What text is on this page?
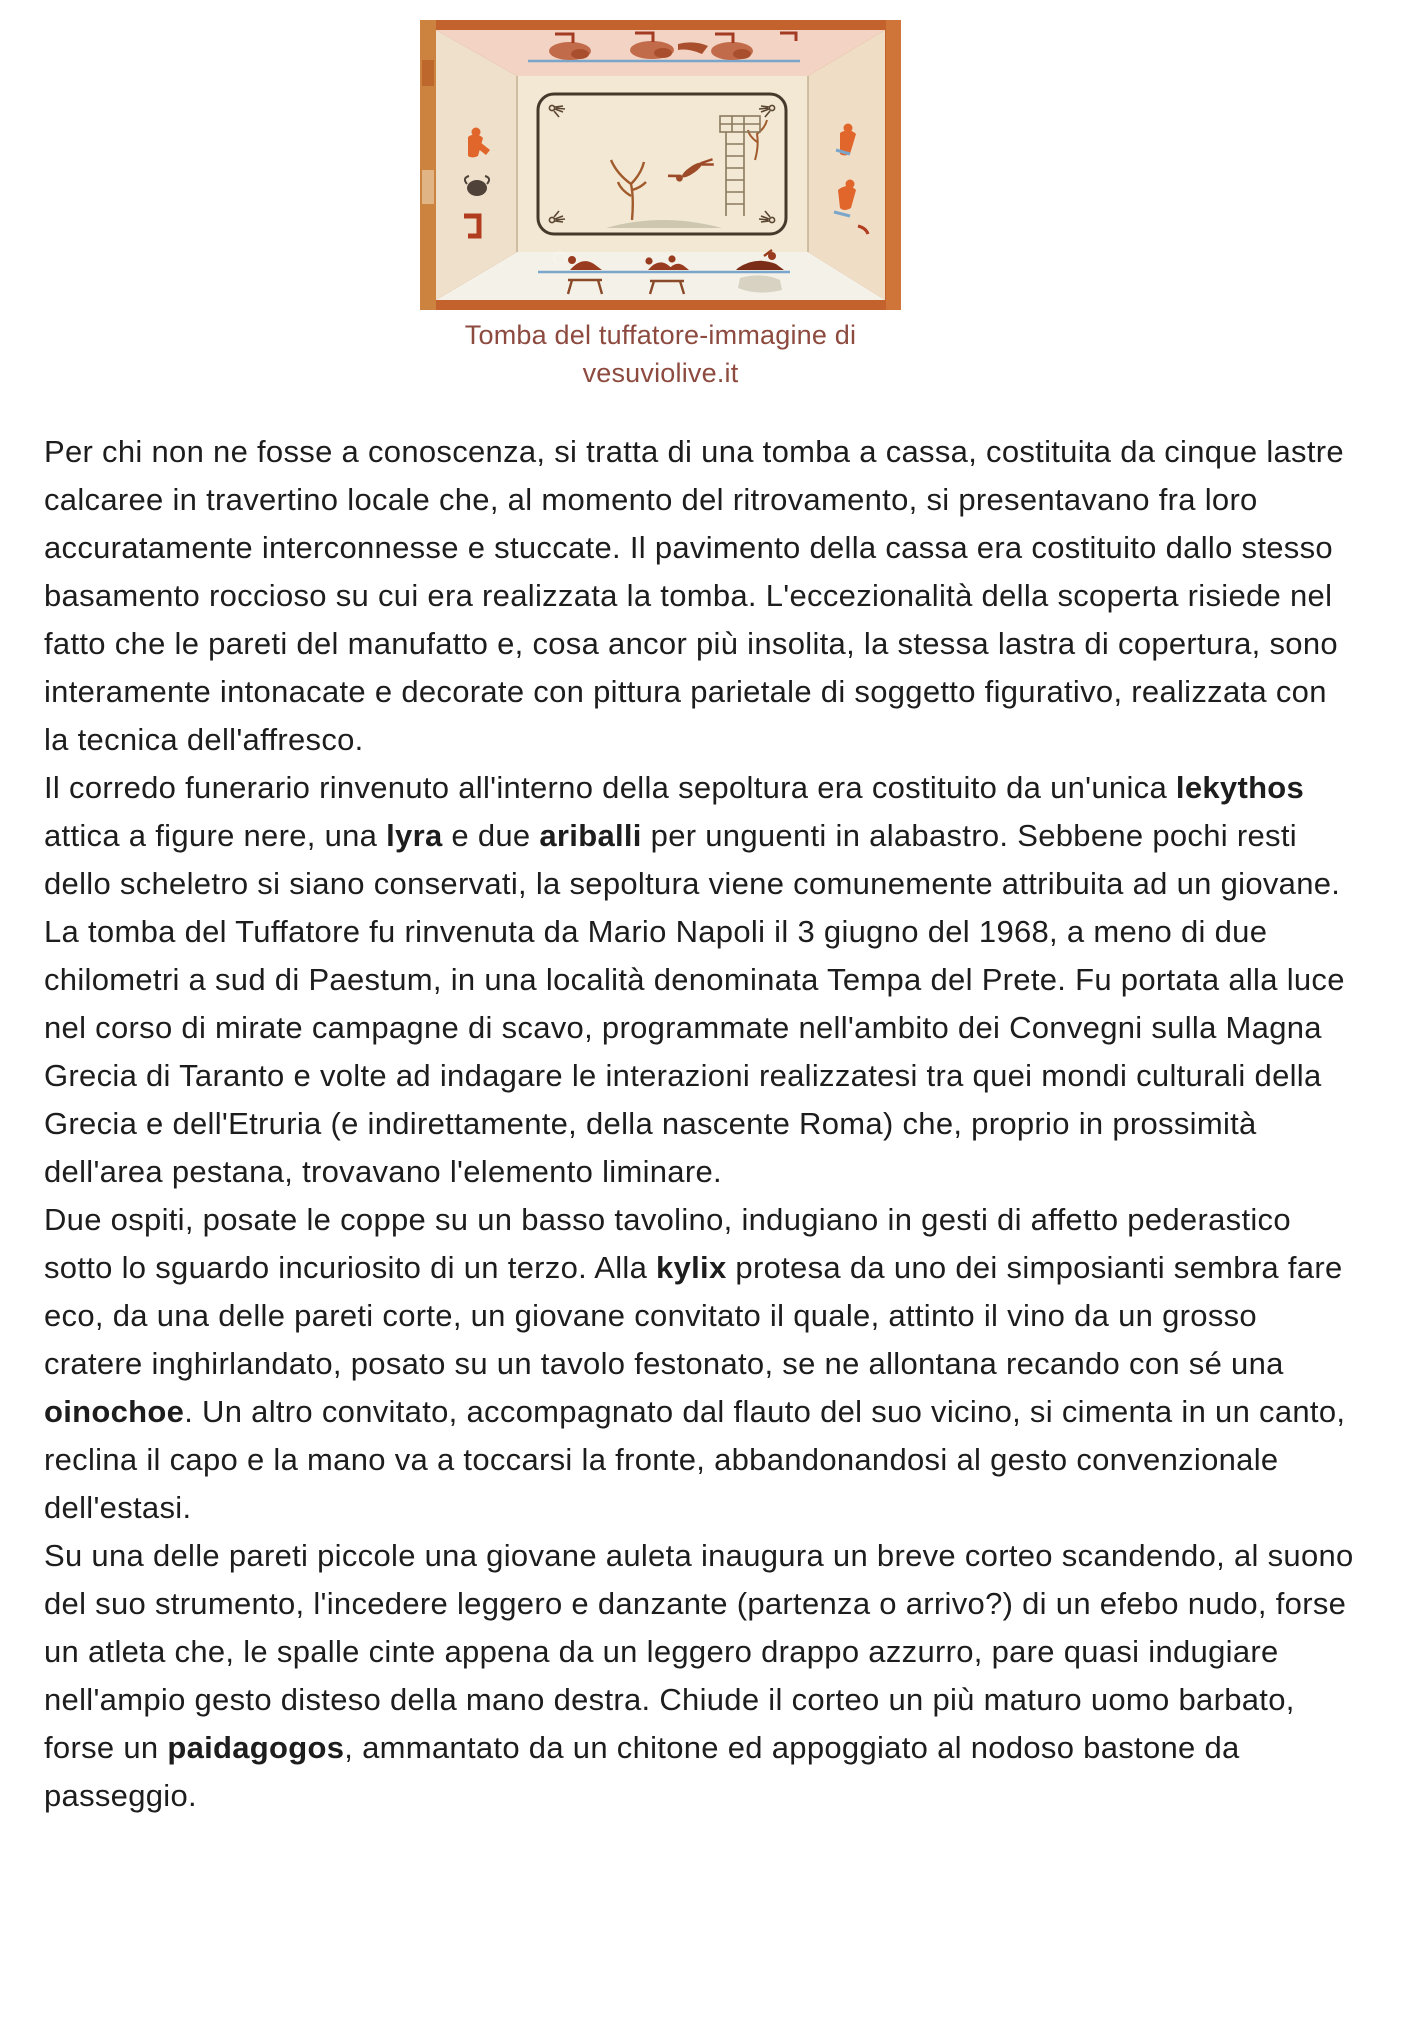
Tomba del tuffatore-immagine di vesuviolive.it

Per chi non ne fosse a conoscenza, si tratta di una tomba a cassa, costituita da cinque lastre calcaree in travertino locale che, al momento del ritrovamento, si presentavano fra loro accuratamente interconnesse e stuccate. Il pavimento della cassa era costituito dallo stesso basamento roccioso su cui era realizzata la tomba. L'eccezionalità della scoperta risiede nel fatto che le pareti del manufatto e, cosa ancor più insolita, la stessa lastra di copertura, sono interamente intonacate e decorate con pittura parietale di soggetto figurativo, realizzata con la tecnica dell'affresco.

Il corredo funerario rinvenuto all'interno della sepoltura era costituito da un'unica lekythos attica a figure nere, una lyra e due ariballi per unguenti in alabastro. Sebbene pochi resti dello scheletro si siano conservati, la sepoltura viene comunemente attribuita ad un giovane.

La tomba del Tuffatore fu rinvenuta da Mario Napoli il 3 giugno del 1968, a meno di due chilometri a sud di Paestum, in una località denominata Tempa del Prete. Fu portata alla luce nel corso di mirate campagne di scavo, programmate nell'ambito dei Convegni sulla Magna Grecia di Taranto e volte ad indagare le interazioni realizzatesi tra quei mondi culturali della Grecia e dell'Etruria (e indirettamente, della nascente Roma) che, proprio in prossimità dell'area pestana, trovavano l'elemento liminare.

Due ospiti, posate le coppe su un basso tavolino, indugiano in gesti di affetto pederastico sotto lo sguardo incuriosito di un terzo. Alla kylix protesa da uno dei simposianti sembra fare eco, da una delle pareti corte, un giovane convitato il quale, attinto il vino da un grosso cratere inghirlandato, posato su un tavolo festonato, se ne allontana recando con sé una oinochoe. Un altro convitato, accompagnato dal flauto del suo vicino, si cimenta in un canto, reclina il capo e la mano va a toccarsi la fronte, abbandonandosi al gesto convenzionale dell'estasi.

Su una delle pareti piccole una giovane auleta inaugura un breve corteo scandendo, al suono del suo strumento, l'incedere leggero e danzante (partenza o arrivo?) di un efebo nudo, forse un atleta che, le spalle cinte appena da un leggero drappo azzurro, pare quasi indugiare nell'ampio gesto disteso della mano destra. Chiude il corteo un più maturo uomo barbato, forse un paidagogos, ammantato da un chitone ed appoggiato al nodoso bastone da passeggio.
